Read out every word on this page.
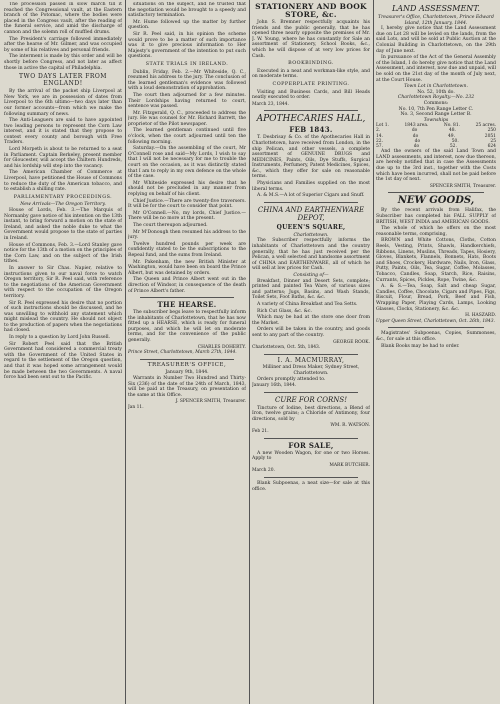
The procession passed in slow march till it reached the Congressional vault, at the Eastern branch of the Potomac, where the bodies were placed in the Congress vault, after the reading of the funeral service, and amid the discharge of cannon and the solemn roll of muffled drums.

The President's carriage followed immediately after the hearse of Mr. Gilmer, and was occupied by some of his relatives and personal friends.

The interment is made by this order and will be shortly before Congress, and not later as affect those in active the capital of Philadelphia.

TWO DAYS LATER FROM ENGLAND!

By the arrival of the packet ship Liverpool at New York, we are in possession of dates from Liverpool to the 6th ultimo—two days later than our former accounts—from which we make the following summary of news.

The Anti-Leaguers are said to have appointed two leading persons to represent the Corn Law interest, and it is stated that they propose to contest every county and borough with Free Traders.

Lord Morpeth is about to be returned to a seat in Parliament. Captain Berkeley, present member for Gloucester, will accept the Chiltern Hundreds, and his lordship will step into the vacancy.

The American Chamber of Commerce at Liverpool, have petitioned the House of Commons to reduce the duty of the American tobacco, and to establish a shilling rate.

PARLIAMENTARY PROCEEDINGS.
New Arrivals—The Oregon Territory.

House of Lords, Feb. 3.—The Marquis of Normanby gave notice of his intention on the 13th instant, to bring forward a motion on the state of Ireland, and asked the noble duke to what the Government would propose to the state of parties in Ireland.

House of Commons, Feb. 3.—Lord Stanley gave notice for the 13th of a motion on the principles of the Corn Law, and on the subject of the Irish tithes.

In answer to Sir Chas. Napier, relative to instructions given to our naval force to watch Oregon territory, Sir R. Peel said, with reference to the negotiations of the American Government with respect to the occupation of the Oregon territory.

Sir R. Peel expressed his desire that no portion of such instructions should be discussed, and he was unwilling to withhold any statement which might mislead the country. He should not object to the production of papers when the negotiations had closed.

In reply to a question by Lord John Russell.

Sir Robert Peel said that the British Government had considered a commercial treaty with the Government of the United States in regard to the settlement of the Oregon question, and that it was hoped some arrangement would be made between the two Governments. A naval force had been sent out to the Pacific.

situations on the subject, and he trusted that the negotiation would be brought to a speedy and satisfactory termination.

Mr. Hume followed up the matter by further question.

Sir R. Peel said, in his opinion the scheme would prove to be a matter of such importance was it to give precious information to Her Majesty's government of the intention to put such questions.

STATE TRIALS IN IRELAND.

Dublin, Friday, Feb. 2.—Mr Whiteside, Q. C., resumed his address to the jury. The conclusion of the learned gentleman's evidence was followed with a loud demonstration of approbation.

The court then adjourned for a few minutes. Their Lordships having returned to court, sentence was passed.

Mr. Fitzgerald, Q. C., proceeded to address the jury. He was counsel for Mr. Richard Barrett, the proprietor of the Pilot newspaper.

The learned gentleman continued until five o'clock, when the court adjourned until ten the following morning.

Saturday.—On the assembling of the court, Mr O'Connell rose and said—My Lords, I wish to say that I will not be necessary for me to trouble the court on the occasion, as it was distinctly stated that I am to reply in my own defence on the whole of the case.

Mr Whiteside expressed his desire that he should not be precluded in any manner from replying on behalf of his client.

Chief Justice.—There are twenty-five traversers. It will be for the court to consider that point.

Mr O'Connell.—No, my lords, Chief Justice.—There will be no more at the present.

The court thereupon adjourned.

Mr M'Donough then resumed his address to the jury.

Twelve hundred pounds per week are confidently stated to be the subscriptions to the Repeal fund, and the sums from Ireland.

Mr. Pakenham, the new British Minister at Washington, would have been on board the Prince Albert, but was detained by orders.

The Queen and Prince Albert went out in the direction of Windsor, in consequence of the death of Prince Albert's father.

THE HEARSE.

The subscriber begs leave to respectfully inform the inhabitants of Charlottetown, that he has now fitted up a HEARSE, which is ready for funeral purposes, and which he will let on moderate terms, and for the convenience of the public generally.

CHARLES DOHERTY.
Prince Street, Charlottetown, March 27th, 1844.
TREASURER'S OFFICE,
January 9th, 1844.

Warrants in Number Two Hundred and Thirty-Six (236) of the date of the 24th of March, 1843, will be paid at the Treasury, on presentation of the same at this Office.

J. SPENCER SMITH, Treasurer.
Jan 11.
STATIONERY AND BOOK STORE, &c.

John S. Bremner respectfully acquaints his friends and the public generally, that he has opened three nearly opposite the premises of Mr. J. W. Young, where he has constantly for Sale an assortment of Stationery, School Books, &c., which he will dispose of at very low prices for Cash.

BOOKBINDING.

Executed in a neat and workman-like style, and on moderate terms.

COPPERPLATE PRINTING.

Visiting and Business Cards, and Bill Heads neatly executed to order.

March 23, 1844.
APOTHECARIES HALL,
FEB 1843.

T. Desbrisay & Co. of the Apothecaries Hall in Charlottetown, have received from London, in the ship Pelican, and other vessels, a complete assortment of GENUINE DRUGS and MEDICINES, Paints, Oils, Dye Stuffs, Surgical Instruments, Perfumery, Patent Medicines, Spices, &c., which they offer for sale on reasonable terms.

Physicians and Families supplied on the most liberal terms.

A. & M.S.—A lot of Superior Cigars and Snuff.

CHINA AND EARTHENWARE DEPOT,
QUEEN'S SQUARE,
Charlottetown.

The Subscriber respectfully informs the inhabitants of Charlottetown and the country generally, that he has just received per the Pelican, a well selected and handsome assortment of CHINA and EARTHENWARE, all of which he will sell at low prices for Cash.

Consisting of—

Breakfast, Dinner and Desert Sets, complete; printed and painted Tea Ware, of various sizes and patterns; Jugs, Basins, and Wash Stands, Toilet Sets, Foot Baths, &c. &c.

A variety of China Breakfast and Tea Setts.

Rich Cut Glass, &c. &c.

Which may be had at the store one door from the Market.

Orders will be taken in the country, and goods sent to any part of the country.

GEORGE ROOK.
Charlottetown, Oct. 5th, 1843.
I. A. MACMURRAY,
Milliner and Dress Maker, Sydney Street, Charlottetown.

Orders promptly attended to.

January 16th, 1844.
CURE FOR CORNS!

Tincture of Iodine, best directions, a Blend of Iron, twelve grains; a Chloride of Antimony, four directions, sold by

WM. R. WATSON.
Feb 21.
FOR SALE,

A new Wooden Wagon, for one or two Horses. Apply to

MARK BUTCHER.
March 20.

Blank Subpoenas, a neat size—for sale at this office.

LAND ASSESSMENT.
Treasurer's Office, Charlottetown, Prince Edward Island, 12th January, 1844.

I, hereby give notice that the Land Assessment due on Lot 28 will be levied on the lands, from the said Lots, and will be sold at Public Auction at the Colonial Building in Charlottetown, on the 29th day of June next.

In pursuance of the Act of the General Assembly of the Island, I do hereby give notice that the Land Assessment, and interest, now due and unpaid, will be sold on the 21st day of the month of July next, at the Court House.

Town Lot in Charlottetown.
No. 52, 10th do.
Charlottetown Royalty.—No. 232
Commons:
No. 10, 7th Pen Range Letter C.
No. 3, Second Range Letter B.
Townships
Lot 1.	1843 area.	No. 81.	25 acres.
2.	do	48.	250
14.	do	49.	2051
22.	do	50.	25
57.	do	52.	624

And the owners of the said Land Town and LAND assessments, and interest, now due thereon, are hereby notified that in case the Assessments due up to the 3rd inst., together with the Costs which have been incurred, shall not be paid before the 1st day of next.

SPENCER SMITH, Treasurer.
NEW GOODS,

By the recent arrivals from Halifax, the Subscriber has completed his FALL SUPPLY of BRITISH, WEST INDIA and AMERICAN GOODS.

The whole of which he offers on the most reasonable terms, comprising,

BROWN and White Cottons, Cloths, Cotton Reels, Vesting, Prints, Shawls, Handkerchiefs, Ribbons, Linens, Muslins, Threads, Tapes, Hosiery, Gloves, Blankets, Flannels, Bonnets, Hats, Boots and Shoes, Crockery, Hardware, Nails, Iron, Glass, Putty, Paints, Oils, Tea, Sugar, Coffee, Molasses, Tobacco, Candles, Soap, Starch, Rice, Raisins, Currants, Spices, Pickles, Rope, Twine, &c.

A. & S.—Tea, Soap, Salt and cheap Sugar, Candles, Coffee, Chocolate, Cigars and Pipes, Figs, Biscuit, Flour, Bread, Pork, Beef and Fish, Wrapping Paper, Playing Cards, Lamps, Looking Glasses, Clocks, Stationery, &c. &c.

H. HASZARD.
Upper Queen Street, Charlottetown, Oct. 26th, 1843.

Magistrates' Subpoenas, Copies, Summonses, &c., for sale at this office.

Blank Books may be had to order.
